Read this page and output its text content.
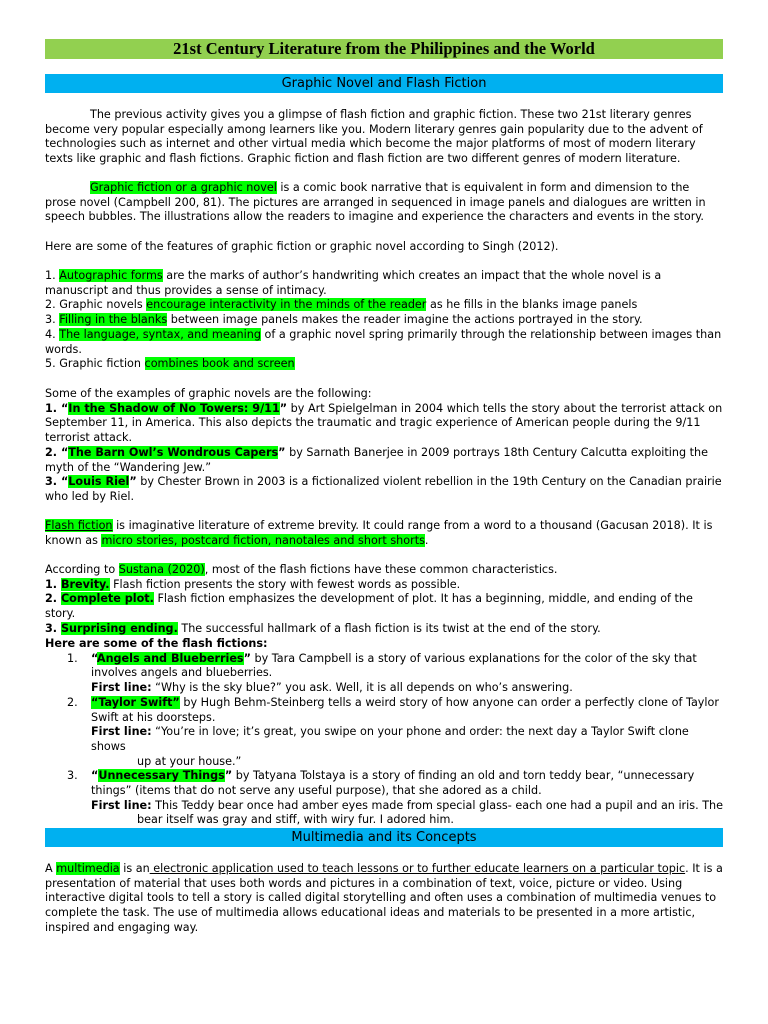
21st Century Literature from the Philippines and the World
Graphic Novel and Flash Fiction

The previous activity gives you a glimpse of flash fiction and graphic fiction. These two 21st literary genres become very popular especially among learners like you. Modern literary genres gain popularity due to the advent of technologies such as internet and other virtual media which become the major platforms of most of modern literary texts like graphic and flash fictions. Graphic fiction and flash fiction are two different genres of modern literature.

Graphic fiction or a graphic novel is a comic book narrative that is equivalent in form and dimension to the prose novel (Campbell 200, 81). The pictures are arranged in sequenced in image panels and dialogues are written in speech bubbles. The illustrations allow the readers to imagine and experience the characters and events in the story.

Here are some of the features of graphic fiction or graphic novel according to Singh (2012).

1. Autographic forms are the marks of author’s handwriting which creates an impact that the whole novel is a manuscript and thus provides a sense of intimacy.

2. Graphic novels encourage interactivity in the minds of the reader as he fills in the blanks image panels

3. Filling in the blanks between image panels makes the reader imagine the actions portrayed in the story.

4. The language, syntax, and meaning of a graphic novel spring primarily through the relationship between images than words.

5. Graphic fiction combines book and screen

Some of the examples of graphic novels are the following:

1. “In the Shadow of No Towers: 9/11” by Art Spielgelman in 2004 which tells the story about the terrorist attack on September 11, in America. This also depicts the traumatic and tragic experience of American people during the 9/11 terrorist attack.

2. “The Barn Owl’s Wondrous Capers” by Sarnath Banerjee in 2009 portrays 18th Century Calcutta exploiting the myth of the “Wandering Jew.”

3. “Louis Riel” by Chester Brown in 2003 is a fictionalized violent rebellion in the 19th Century on the Canadian prairie who led by Riel.

Flash fiction is imaginative literature of extreme brevity. It could range from a word to a thousand (Gacusan 2018). It is known as micro stories, postcard fiction, nanotales and short shorts.

According to Sustana (2020), most of the flash fictions have these common characteristics.

1. Brevity. Flash fiction presents the story with fewest words as possible.

2. Complete plot. Flash fiction emphasizes the development of plot. It has a beginning, middle, and ending of the story.

3. Surprising ending. The successful hallmark of a flash fiction is its twist at the end of the story.

Here are some of the flash fictions:

1. “Angels and Blueberries” by Tara Campbell is a story of various explanations for the color of the sky that involves angels and blueberries.
First line: “Why is the sky blue?” you ask. Well, it is all depends on who’s answering.
2. “Taylor Swift” by Hugh Behm-Steinberg tells a weird story of how anyone can order a perfectly clone of Taylor Swift at his doorsteps.
First line: “You’re in love; it’s great, you swipe on your phone and order: the next day a Taylor Swift clone shows
up at your house.”
3. “Unnecessary Things” by Tatyana Tolstaya is a story of finding an old and torn teddy bear, “unnecessary things” (items that do not serve any useful purpose), that she adored as a child.
First line: This Teddy bear once had amber eyes made from special glass- each one had a pupil and an iris. The
bear itself was gray and stiff, with wiry fur. I adored him.
Multimedia and its Concepts

A multimedia is an electronic application used to teach lessons or to further educate learners on a particular topic. It is a presentation of material that uses both words and pictures in a combination of text, voice, picture or video. Using interactive digital tools to tell a story is called digital storytelling and often uses a combination of multimedia venues to complete the task. The use of multimedia allows educational ideas and materials to be presented in a more artistic, inspired and engaging way.
